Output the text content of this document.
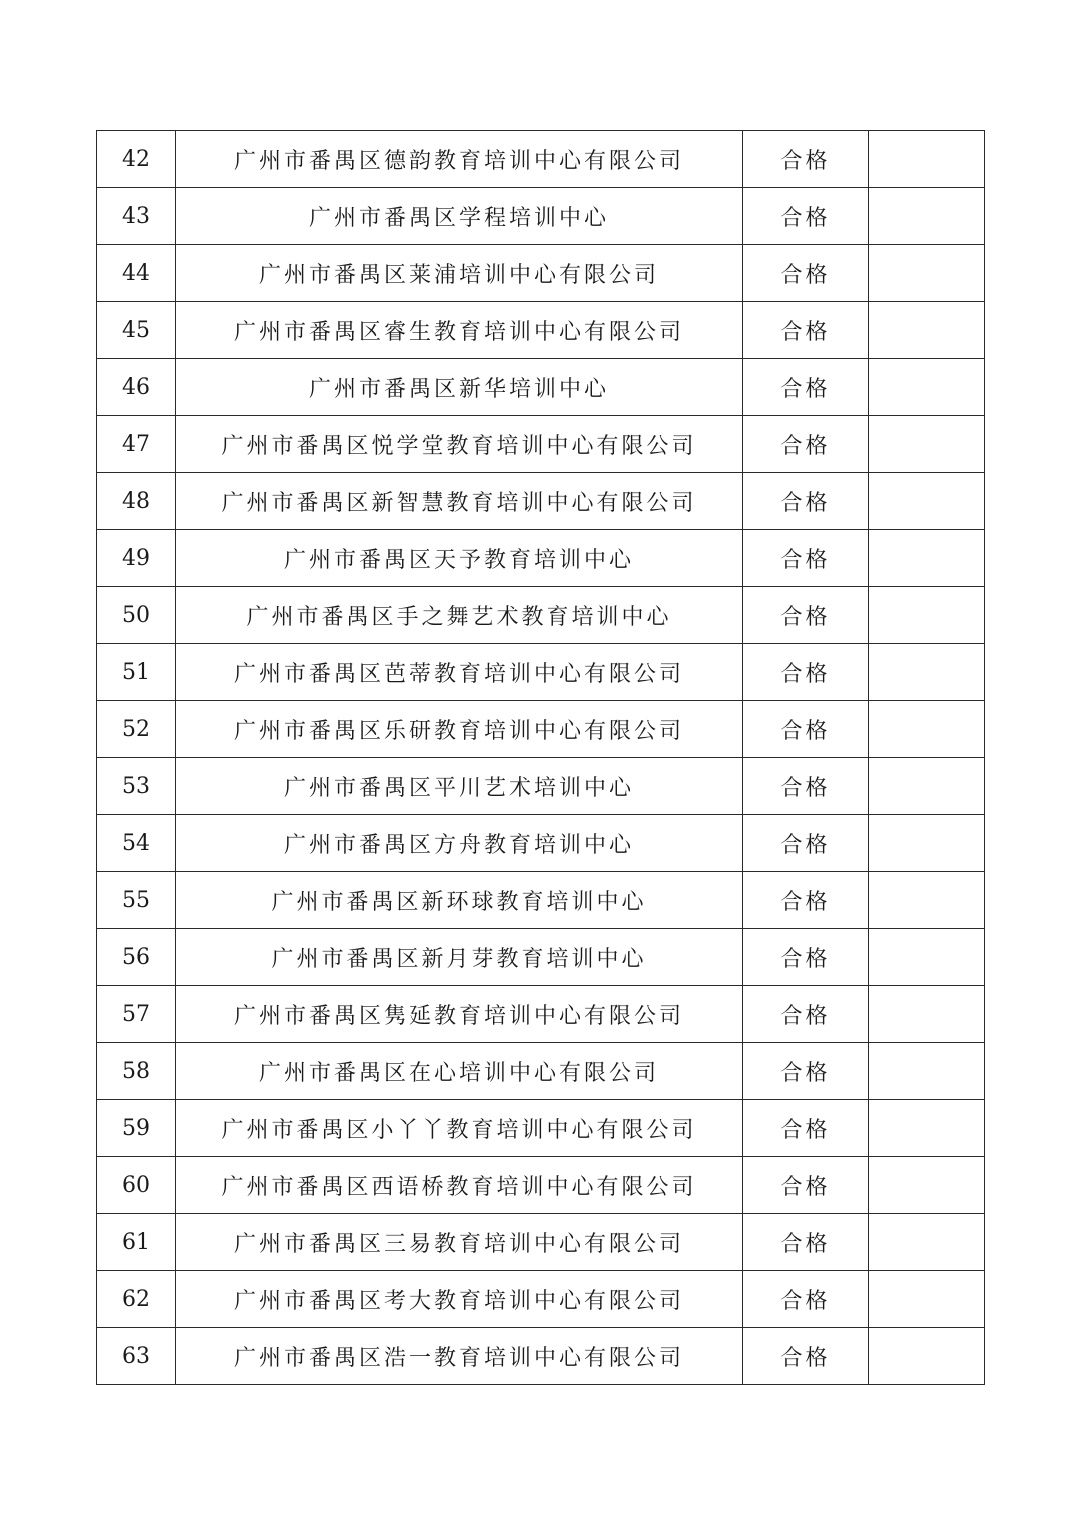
42	广州市番禺区德韵教育培训中心有限公司	合格	
43	广州市番禺区学程培训中心	合格	
44	广州市番禺区莱浦培训中心有限公司	合格	
45	广州市番禺区睿生教育培训中心有限公司	合格	
46	广州市番禺区新华培训中心	合格	
47	广州市番禺区悦学堂教育培训中心有限公司	合格	
48	广州市番禺区新智慧教育培训中心有限公司	合格	
49	广州市番禺区天予教育培训中心	合格	
50	广州市番禺区手之舞艺术教育培训中心	合格	
51	广州市番禺区芭蒂教育培训中心有限公司	合格	
52	广州市番禺区乐研教育培训中心有限公司	合格	
53	广州市番禺区平川艺术培训中心	合格	
54	广州市番禺区方舟教育培训中心	合格	
55	广州市番禺区新环球教育培训中心	合格	
56	广州市番禺区新月芽教育培训中心	合格	
57	广州市番禺区隽延教育培训中心有限公司	合格	
58	广州市番禺区在心培训中心有限公司	合格	
59	广州市番禺区小丫丫教育培训中心有限公司	合格	
60	广州市番禺区西语桥教育培训中心有限公司	合格	
61	广州市番禺区三易教育培训中心有限公司	合格	
62	广州市番禺区考大教育培训中心有限公司	合格	
63	广州市番禺区浩一教育培训中心有限公司	合格	
